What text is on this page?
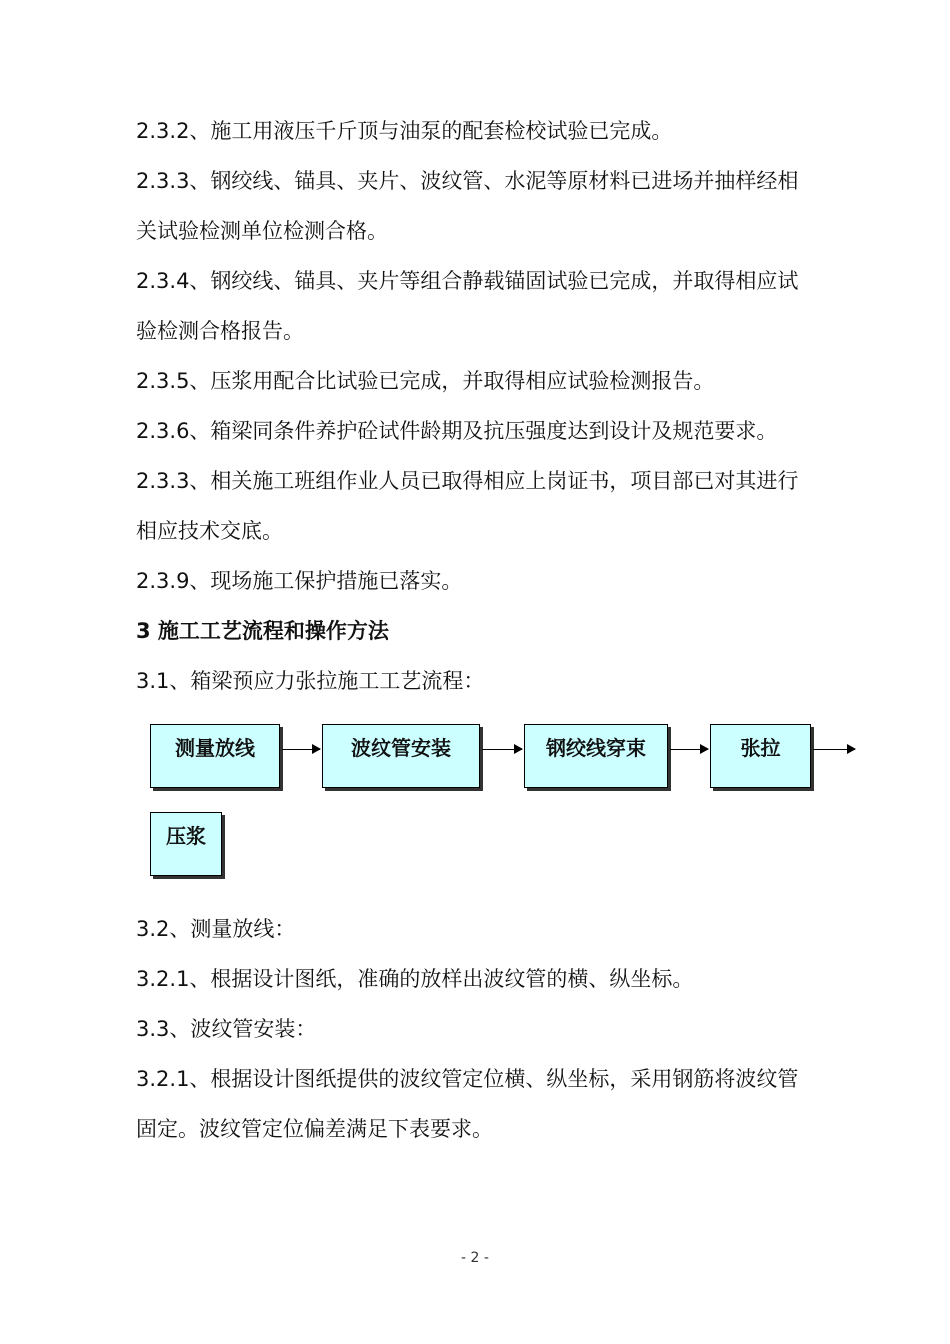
2.3.2、施工用液压千斤顶与油泵的配套检校试验已完成。
2.3.3、钢绞线、锚具、夹片、波纹管、水泥等原材料已进场并抽样经相
关试验检测单位检测合格。
2.3.4、钢绞线、锚具、夹片等组合静载锚固试验已完成，并取得相应试
验检测合格报告。
2.3.5、压浆用配合比试验已完成，并取得相应试验检测报告。
2.3.6、箱梁同条件养护砼试件龄期及抗压强度达到设计及规范要求。
2.3.3、相关施工班组作业人员已取得相应上岗证书，项目部已对其进行
相应技术交底。
2.3.9、现场施工保护措施已落实。
3 施工工艺流程和操作方法
3.1、箱梁预应力张拉施工工艺流程：
测量放线	波纹管安装	钢绞线穿束	张拉
压浆
3.2、测量放线：
3.2.1、根据设计图纸，准确的放样出波纹管的横、纵坐标。
3.3、波纹管安装：
3.2.1、根据设计图纸提供的波纹管定位横、纵坐标，采用钢筋将波纹管
固定。波纹管定位偏差满足下表要求。
- 2 -
